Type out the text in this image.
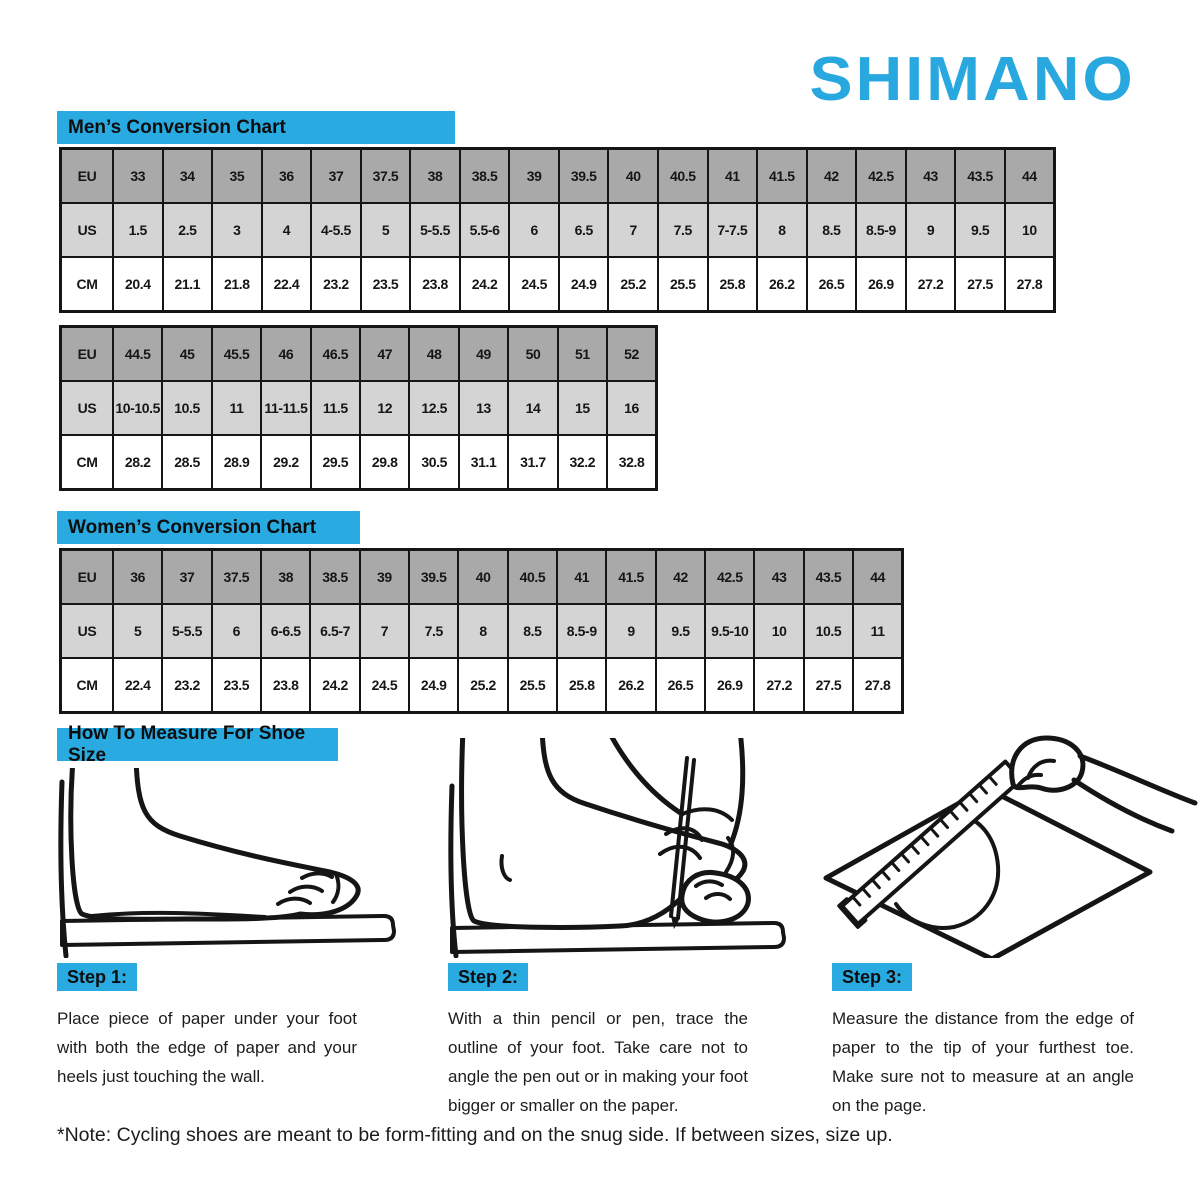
SHIMANO
Men’s Conversion Chart
EU	33	34	35	36	37	37.5	38	38.5	39	39.5	40	40.5	41	41.5	42	42.5	43	43.5	44
US	1.5	2.5	3	4	4-5.5	5	5-5.5	5.5-6	6	6.5	7	7.5	7-7.5	8	8.5	8.5-9	9	9.5	10
CM	20.4	21.1	21.8	22.4	23.2	23.5	23.8	24.2	24.5	24.9	25.2	25.5	25.8	26.2	26.5	26.9	27.2	27.5	27.8
EU	44.5	45	45.5	46	46.5	47	48	49	50	51	52
US	10-10.5	10.5	11	11-11.5	11.5	12	12.5	13	14	15	16
CM	28.2	28.5	28.9	29.2	29.5	29.8	30.5	31.1	31.7	32.2	32.8
Women’s Conversion Chart
EU	36	37	37.5	38	38.5	39	39.5	40	40.5	41	41.5	42	42.5	43	43.5	44
US	5	5-5.5	6	6-6.5	6.5-7	7	7.5	8	8.5	8.5-9	9	9.5	9.5-10	10	10.5	11
CM	22.4	23.2	23.5	23.8	24.2	24.5	24.9	25.2	25.5	25.8	26.2	26.5	26.9	27.2	27.5	27.8
How To Measure For Shoe Size
Step 1:	Step 2:	Step 3:
Place piece of paper under your foot with both the edge of paper and your heels just touching the wall.
With a thin pencil or pen, trace the outline of your foot. Take care not to angle the pen out or in making your foot bigger or smaller on the paper.
Measure the distance from the edge of paper to the tip of your furthest toe. Make sure not to measure at an angle on the page.
*Note: Cycling shoes are meant to be form-fitting and on the snug side. If between sizes, size up.
